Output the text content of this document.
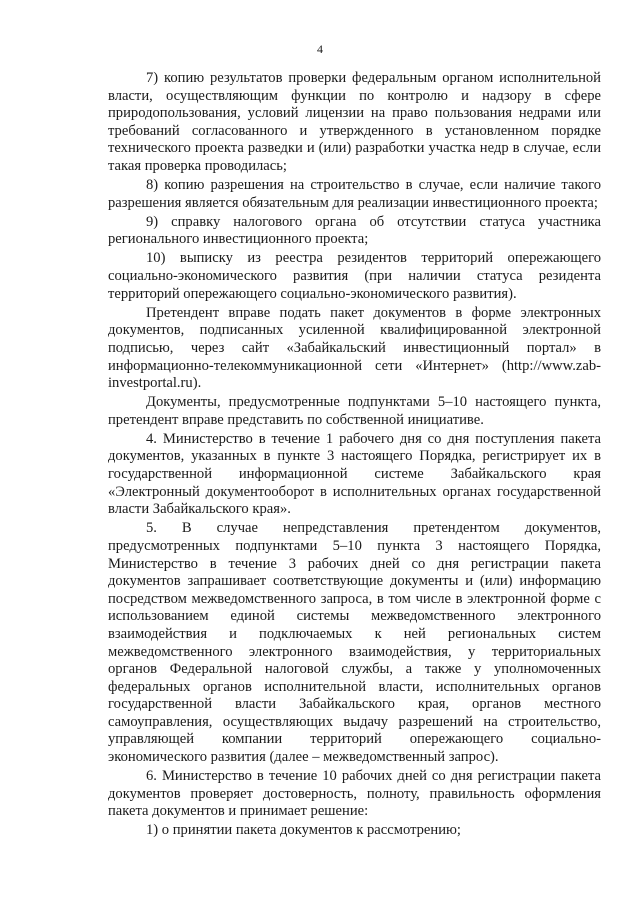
4

7) копию результатов проверки федеральным органом исполнительной власти, осуществляющим функции по контролю и надзору в сфере природопользования, условий лицензии на право пользования недрами или требований согласованного и утвержденного в установленном порядке технического проекта разведки и (или) разработки участка недр в случае, если такая проверка проводилась;

8) копию разрешения на строительство в случае, если наличие такого разрешения является обязательным для реализации инвестиционного проекта;

9) справку налогового органа об отсутствии статуса участника регионального инвестиционного проекта;

10) выписку из реестра резидентов территорий опережающего социально-экономического развития (при наличии статуса резидента территорий опережающего социально-экономического развития).

Претендент вправе подать пакет документов в форме электронных документов, подписанных усиленной квалифицированной электронной подписью, через сайт «Забайкальский инвестиционный портал» в информационно-телекоммуникационной сети «Интернет» (http://www.zab-investportal.ru).

Документы, предусмотренные подпунктами 5–10 настоящего пункта, претендент вправе представить по собственной инициативе.

4. Министерство в течение 1 рабочего дня со дня поступления пакета документов, указанных в пункте 3 настоящего Порядка, регистрирует их в государственной информационной системе Забайкальского края «Электронный документооборот в исполнительных органах государственной власти Забайкальского края».

5. В случае непредставления претендентом документов, предусмотренных подпунктами 5–10 пункта 3 настоящего Порядка, Министерство в течение 3 рабочих дней со дня регистрации пакета документов запрашивает соответствующие документы и (или) информацию посредством межведомственного запроса, в том числе в электронной форме с использованием единой системы межведомственного электронного взаимодействия и подключаемых к ней региональных систем межведомственного электронного взаимодействия, у территориальных органов Федеральной налоговой службы, а также у уполномоченных федеральных органов исполнительной власти, исполнительных органов государственной власти Забайкальского края, органов местного самоуправления, осуществляющих выдачу разрешений на строительство, управляющей компании территорий опережающего социально-экономического развития (далее – межведомственный запрос).

6. Министерство в течение 10 рабочих дней со дня регистрации пакета документов проверяет достоверность, полноту, правильность оформления пакета документов и принимает решение:

1) о принятии пакета документов к рассмотрению;
